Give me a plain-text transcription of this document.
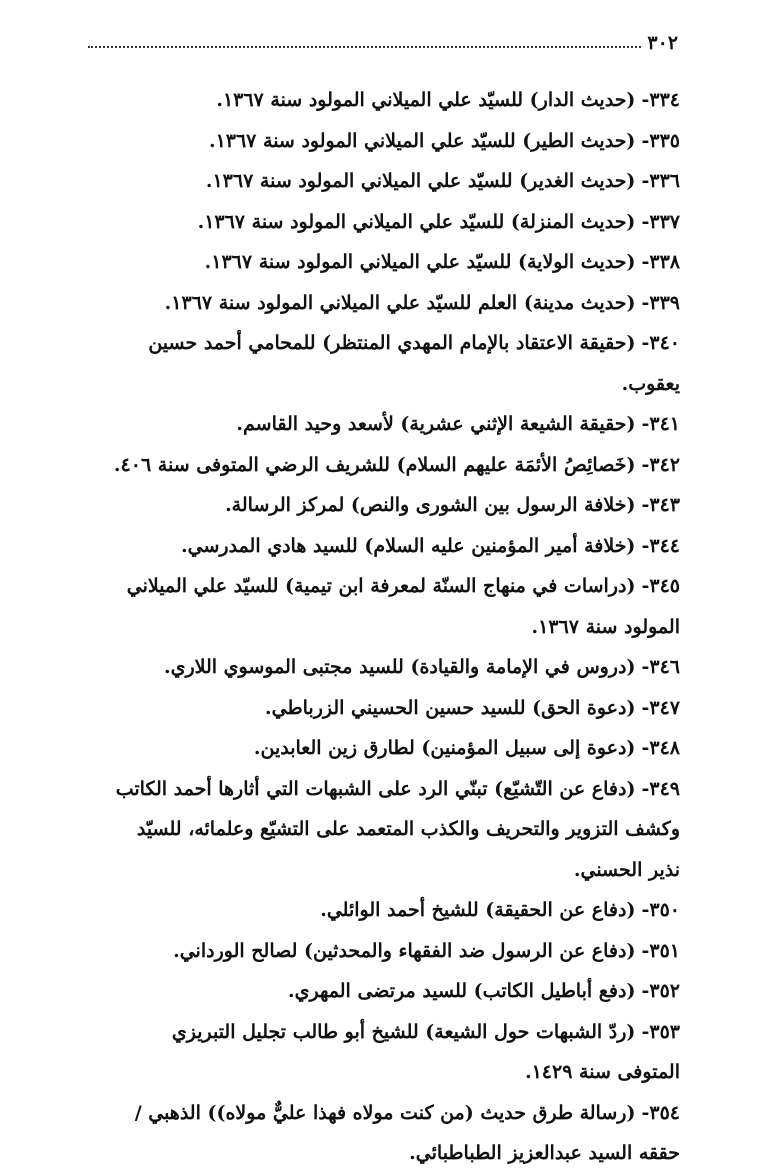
٣٠٢

٣٣٤- (حديث الدار) للسيّد علي الميلاني المولود سنة ١٣٦٧.

٣٣٥- (حديث الطير) للسيّد علي الميلاني المولود سنة ١٣٦٧.

٣٣٦- (حديث الغدير) للسيّد علي الميلاني المولود سنة ١٣٦٧.

٣٣٧- (حديث المنزلة) للسيّد علي الميلاني المولود سنة ١٣٦٧.

٣٣٨- (حديث الولاية) للسيّد علي الميلاني المولود سنة ١٣٦٧.

٣٣٩- (حديث مدينة) العلم للسيّد علي الميلاني المولود سنة ١٣٦٧.

٣٤٠- (حقيقة الاعتقاد بالإمام المهدي المنتظر) للمحامي أحمد حسين يعقوب.

٣٤١- (حقيقة الشيعة الإثني عشرية) لأسعد وحيد القاسم.

٣٤٢- (خَصائِصُ الأئمَة عليهم السلام) للشريف الرضي المتوفى سنة ٤٠٦.

٣٤٣- (خلافة الرسول بين الشورى والنص) لمركز الرسالة.

٣٤٤- (خلافة أمير المؤمنين عليه السلام) للسيد هادي المدرسي.

٣٤٥- (دراسات في منهاج السنّة لمعرفة ابن تيمية) للسيّد علي الميلاني المولود سنة ١٣٦٧.

٣٤٦- (دروس في الإمامة والقيادة) للسيد مجتبى الموسوي اللاري.

٣٤٧- (دعوة الحق) للسيد حسين الحسيني الزرباطي.

٣٤٨- (دعوة إلى سبيل المؤمنين) لطارق زين العابدين.

٣٤٩- (دفاع عن التّشيّع) تبنّي الرد على الشبهات التي أثارها أحمد الكاتب وكشف التزوير والتحريف والكذب المتعمد على التشيّع وعلمائه، للسيّد نذير الحسني.

٣٥٠- (دفاع عن الحقيقة) للشيخ أحمد الوائلي.

٣٥١- (دفاع عن الرسول ضد الفقهاء والمحدثين) لصالح الورداني.

٣٥٢- (دفع أباطيل الكاتب) للسيد مرتضى المهري.

٣٥٣- (ردّ الشبهات حول الشيعة) للشيخ أبو طالب تجليل التبريزي المتوفى سنة ١٤٢٩.

٣٥٤- (رسالة طرق حديث (من كنت مولاه فهذا عليٌّ مولاه)) الذهبي / حققه السيد عبدالعزيز الطباطبائي.
